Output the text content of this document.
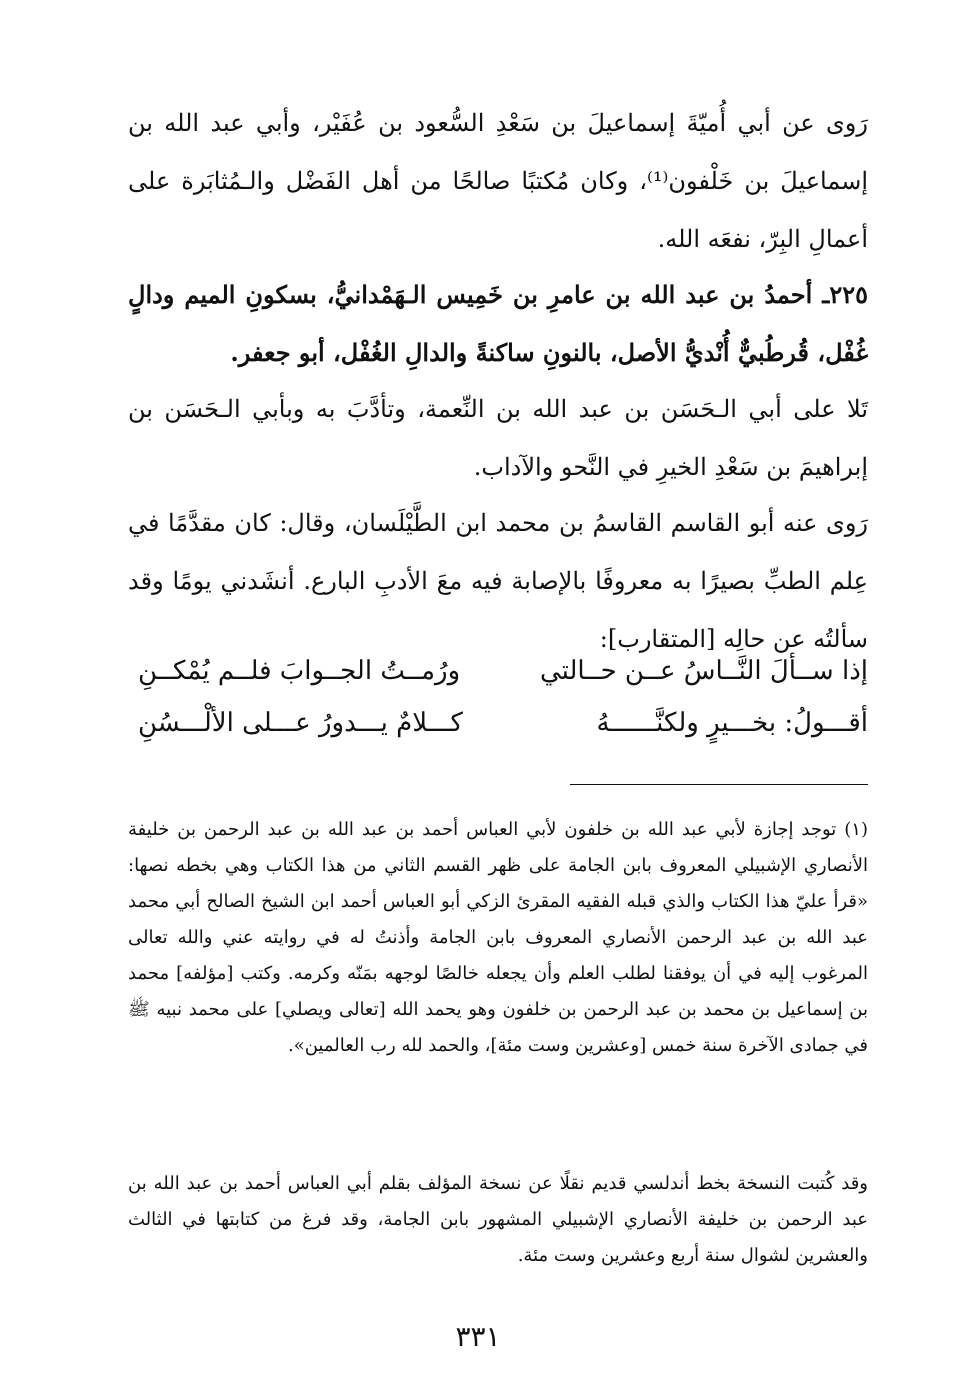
رَوى عن أبي أُميّةَ إسماعيلَ بن سَعْدِ السُّعود بن عُفَيْر، وأبي عبد الله بن إسماعيلَ بن خَلْفون⁽¹⁾، وكان مُكتبًا صالحًا من أهل الفَضْل والـمُثابَرة على أعمالِ البِرّ، نفعَه الله.

٢٢٥ـ أحمدُ بن عبد الله بن عامرِ بن خَمِيس الـهَمْدانيُّ، بسكونِ الميم ودالٍ غُفْل، قُرطُبيٌّ أُنْديُّ الأصل، بالنونِ ساكنةً والدالِ الغُفْل، أبو جعفر.

تَلا على أبي الـحَسَن بن عبد الله بن النِّعمة، وتأدَّبَ به وبأبي الـحَسَن بن إبراهيمَ بن سَعْدِ الخيرِ في النَّحو والآداب.

رَوى عنه أبو القاسم القاسمُ بن محمد ابن الطَّيْلَسان، وقال: كان مقدَّمًا في عِلم الطبِّ بصيرًا به معروفًا بالإصابة فيه معَ الأدبِ البارع. أنشَدني يومًا وقد سألتُه عن حالِه [المتقارب]:

إذا ســألَ النَّــاسُ عــن حــالتي
ورُمــتُ الجــوابَ فلــم يُمْكــنِ
أقـــولُ: بخـــيرٍ ولكنَّــــــهُ
كـــلامٌ يـــدورُ عـــلى الألْـــسُنِ

(١) توجد إجازة لأبي عبد الله بن خلفون لأبي العباس أحمد بن عبد الله بن عبد الرحمن بن خليفة الأنصاري الإشبيلي المعروف بابن الجامة على ظهر القسم الثاني من هذا الكتاب وهي بخطه نصها: «قرأ عليّ هذا الكتاب والذي قبله الفقيه المقرئ الزكي أبو العباس أحمد ابن الشيخ الصالح أبي محمد عبد الله بن عبد الرحمن الأنصاري المعروف بابن الجامة وأذنتُ له في روايته عني والله تعالى المرغوب إليه في أن يوفقنا لطلب العلم وأن يجعله خالصًا لوجهه بمَنّه وكرمه. وكتب [مؤلفه] محمد بن إسماعيل بن محمد بن عبد الرحمن بن خلفون وهو يحمد الله [تعالى ويصلي] على محمد نبيه ﷺ في جمادى الآخرة سنة خمس [وعشرين وست مئة]، والحمد لله رب العالمين».

وقد كُتبت النسخة بخط أندلسي قديم نقلًا عن نسخة المؤلف بقلم أبي العباس أحمد بن عبد الله بن عبد الرحمن بن خليفة الأنصاري الإشبيلي المشهور بابن الجامة، وقد فرغ من كتابتها في الثالث والعشرين لشوال سنة أربع وعشرين وست مئة.

٣٣١
